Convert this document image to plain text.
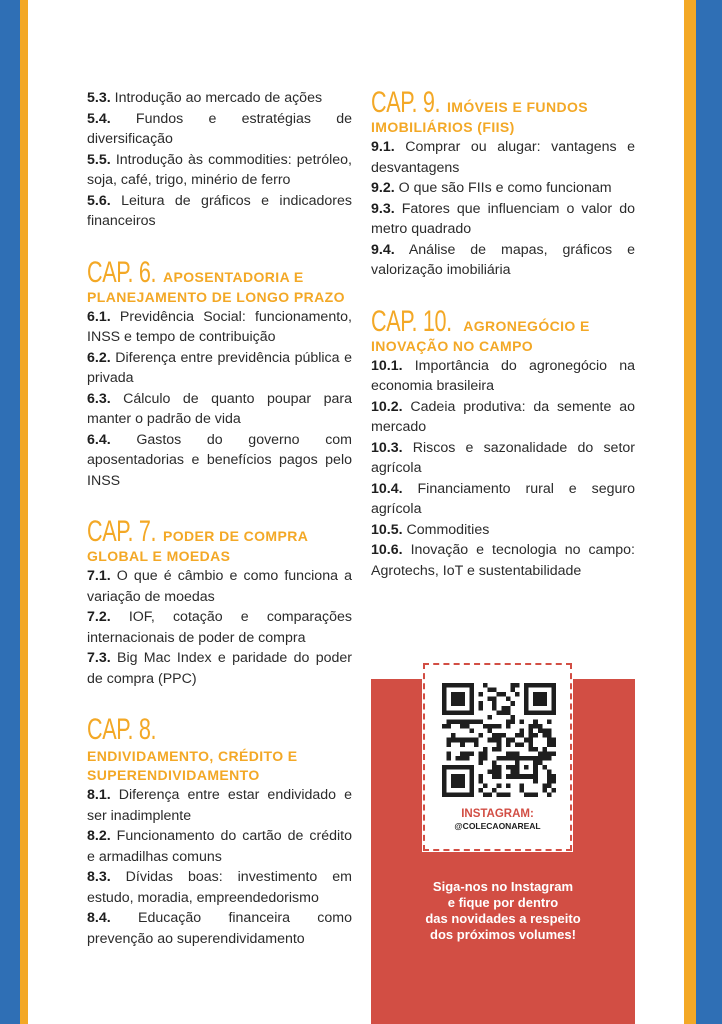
5.3. Introdução ao mercado de ações
5.4. Fundos e estratégias de diversificação
5.5. Introdução às commodities: petróleo, soja, café, trigo, minério de ferro
5.6. Leitura de gráficos e indicadores financeiros
CAP. 6. APOSENTADORIA E PLANEJAMENTO DE LONGO PRAZO
6.1. Previdência Social: funcionamento, INSS e tempo de contribuição
6.2. Diferença entre previdência pública e privada
6.3. Cálculo de quanto poupar para manter o padrão de vida
6.4. Gastos do governo com aposentadorias e benefícios pagos pelo INSS
CAP. 7. PODER DE COMPRA GLOBAL E MOEDAS
7.1. O que é câmbio e como funciona a variação de moedas
7.2. IOF, cotação e comparações internacionais de poder de compra
7.3. Big Mac Index e paridade do poder de compra (PPC)
CAP. 8.
ENDIVIDAMENTO, CRÉDITO E SUPERENDIVIDAMENTO
8.1. Diferença entre estar endividado e ser inadimplente
8.2. Funcionamento do cartão de crédito e armadilhas comuns
8.3. Dívidas boas: investimento em estudo, moradia, empreendedorismo
8.4. Educação financeira como prevenção ao superendividamento
CAP. 9. IMÓVEIS E FUNDOS IMOBILIÁRIOS (FIIS)
9.1. Comprar ou alugar: vantagens e desvantagens
9.2. O que são FIIs e como funcionam
9.3. Fatores que influenciam o valor do metro quadrado
9.4. Análise de mapas, gráficos e valorização imobiliária
CAP. 10. AGRONEGÓCIO E INOVAÇÃO NO CAMPO
10.1. Importância do agronegócio na economia brasileira
10.2. Cadeia produtiva: da semente ao mercado
10.3. Riscos e sazonalidade do setor agrícola
10.4. Financiamento rural e seguro agrícola
10.5. Commodities
10.6. Inovação e tecnologia no campo: Agrotechs, IoT e sustentabilidade
INSTAGRAM:
@COLECAONAREAL
Siga-nos no Instagram
e fique por dentro
das novidades a respeito
dos próximos volumes!
